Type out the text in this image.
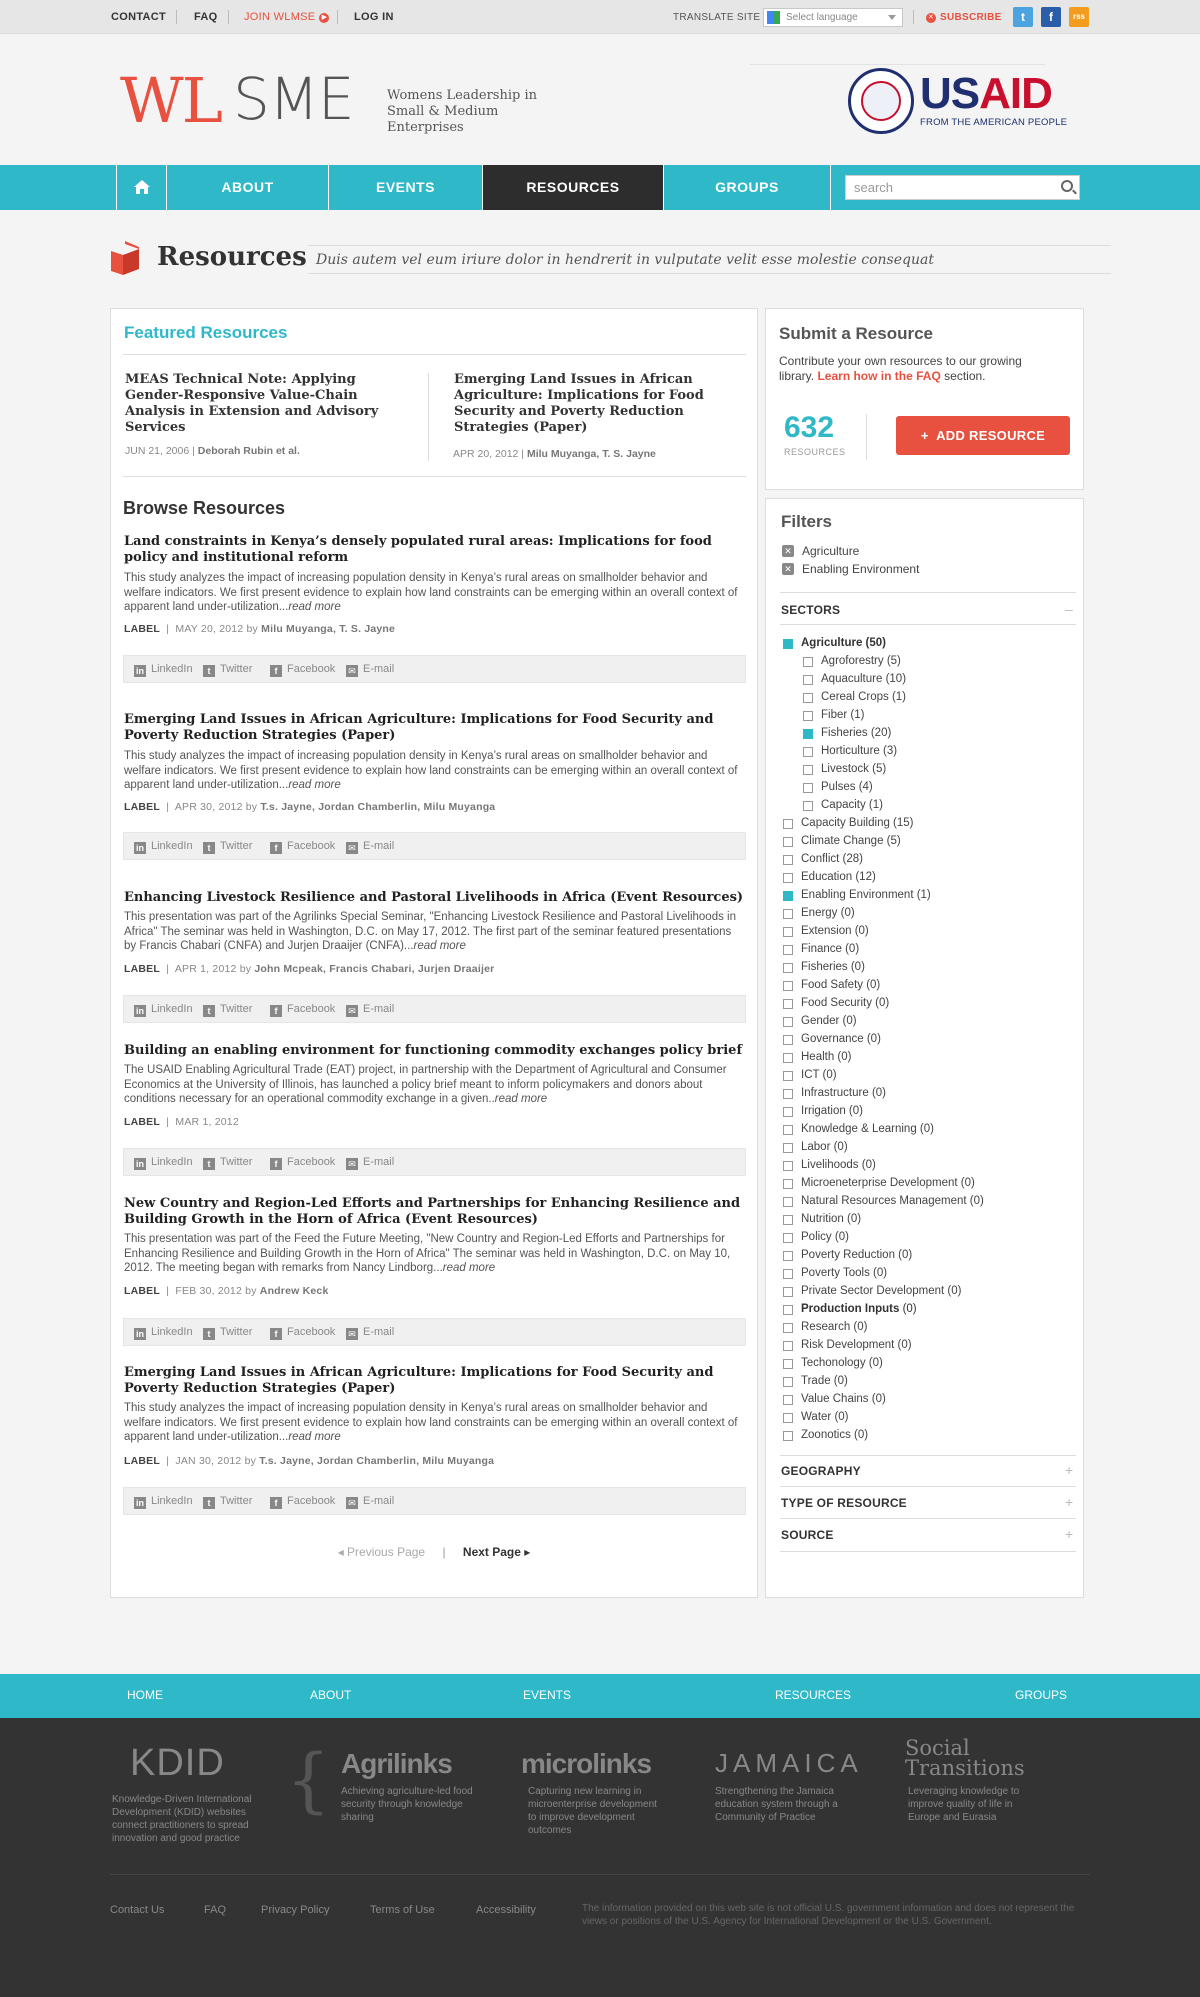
CONTACT	FAQ JOIN WLMSE ▶ LOG IN	TRANSLATE SITE	Select language	✕ SUBSCRIBE	t	f	rss
WL SME	Womens Leadership in Small & Medium Enterprises
USAID
FROM THE AMERICAN PEOPLE
ABOUT	EVENTS	RESOURCES	GROUPS	search
Resources Duis autem vel eum iriure dolor in hendrerit in vulputate velit esse molestie consequat
Featured Resources
MEAS Technical Note: Applying Gender-Responsive Value-Chain Analysis in Extension and Advisory Services
JUN 21, 2006 | Deborah Rubin et al.
Emerging Land Issues in African Agriculture: Implications for Food Security and Poverty Reduction Strategies (Paper)
APR 20, 2012 | Milu Muyanga, T. S. Jayne
Browse Resources
Land constraints in Kenya’s densely populated rural areas: Implications for food policy and institutional reform
This study analyzes the impact of increasing population density in Kenya’s rural areas on smallholder behavior and welfare indicators. We first present evidence to explain how land constraints can be emerging within an overall context of apparent land under-utilization...read more
LABEL  |  MAY 20, 2012 by Milu Muyanga, T. S. Jayne
in LinkedIn	t Twitter	f Facebook ✉ E-mail
Emerging Land Issues in African Agriculture: Implications for Food Security and Poverty Reduction Strategies (Paper)
This study analyzes the impact of increasing population density in Kenya’s rural areas on smallholder behavior and welfare indicators. We first present evidence to explain how land constraints can be emerging within an overall context of apparent land under-utilization...read more
LABEL  |  APR 30, 2012 by T.s. Jayne, Jordan Chamberlin, Milu Muyanga
in LinkedIn	t Twitter	f Facebook ✉ E-mail
Enhancing Livestock Resilience and Pastoral Livelihoods in Africa (Event Resources)
This presentation was part of the Agrilinks Special Seminar, "Enhancing Livestock Resilience and Pastoral Livelihoods in Africa" The seminar was held in Washington, D.C. on May 17, 2012. The first part of the seminar featured presentations by Francis Chabari (CNFA) and Jurjen Draaijer (CNFA)...read more
LABEL  |  APR 1, 2012 by John Mcpeak, Francis Chabari, Jurjen Draaijer
in LinkedIn	t Twitter	f Facebook ✉ E-mail
Building an enabling environment for functioning commodity exchanges policy brief
The USAID Enabling Agricultural Trade (EAT) project, in partnership with the Department of Agricultural and Consumer Economics at the University of Illinois, has launched a policy brief meant to inform policymakers and donors about conditions necessary for an operational commodity exchange in a given..read more
LABEL  |  MAR 1, 2012
in LinkedIn	t Twitter	f Facebook ✉ E-mail
New Country and Region-Led Efforts and Partnerships for Enhancing Resilience and Building Growth in the Horn of Africa (Event Resources)
This presentation was part of the Feed the Future Meeting, "New Country and Region-Led Efforts and Partnerships for Enhancing Resilience and Building Growth in the Horn of Africa" The seminar was held in Washington, D.C. on May 10, 2012. The meeting began with remarks from Nancy Lindborg...read more
LABEL  |  FEB 30, 2012 by Andrew Keck
in LinkedIn	t Twitter	f Facebook ✉ E-mail
Emerging Land Issues in African Agriculture: Implications for Food Security and Poverty Reduction Strategies (Paper)
This study analyzes the impact of increasing population density in Kenya’s rural areas on smallholder behavior and welfare indicators. We first present evidence to explain how land constraints can be emerging within an overall context of apparent land under-utilization...read more
LABEL  |  JAN 30, 2012 by T.s. Jayne, Jordan Chamberlin, Milu Muyanga
in LinkedIn	t Twitter	f Facebook ✉ E-mail
◂ Previous Page | Next Page ▸
Submit a Resource
Contribute your own resources to our growing library. Learn how in the FAQ section.
632
RESOURCES
+  ADD RESOURCE
Filters
✕ Agriculture
✕ Enabling Environment
SECTORS	–
Agriculture (50)
Agroforestry (5)
Aquaculture (10)
Cereal Crops (1)
Fiber (1)
Fisheries (20)
Horticulture (3)
Livestock (5)
Pulses (4)
Capacity (1)
Capacity Building (15)
Climate Change (5)
Conflict (28)
Education (12)
Enabling Environment (1)
Energy (0)
Extension (0)
Finance (0)
Fisheries (0)
Food Safety (0)
Food Security (0)
Gender (0)
Governance (0)
Health (0)
ICT (0)
Infrastructure (0)
Irrigation (0)
Knowledge & Learning (0)
Labor (0)
Livelihoods (0)
Microeneterprise Development (0)
Natural Resources Management (0)
Nutrition (0)
Policy (0)
Poverty Reduction (0)
Poverty Tools (0)
Private Sector Development (0)
Production Inputs (0)
Research (0)
Risk Development (0)
Techonology (0)
Trade (0)
Value Chains (0)
Water (0)
Zoonotics (0)
GEOGRAPHY	+
TYPE OF RESOURCE	+
SOURCE	+
HOME	ABOUT	EVENTS	RESOURCES	GROUPS
KDID
Knowledge-Driven International Development (KDID) websites connect practitioners to spread innovation and good practice
{ Agrilinks
Achieving agriculture-led food security through knowledge sharing
microlinks
Capturing new learning in microenterprise development to improve development outcomes
JAMAICA
Strengthening the Jamaica education system through a Community of Practice
Social Transitions
Leveraging knowledge to improve quality of life in Europe and Eurasia
Contact Us	FAQ	Privacy Policy	Terms of Use	Accessibility	The information provided on this web site is not official U.S. government information and does not represent the views or positions of the U.S. Agency for International Development or the U.S. Government.
